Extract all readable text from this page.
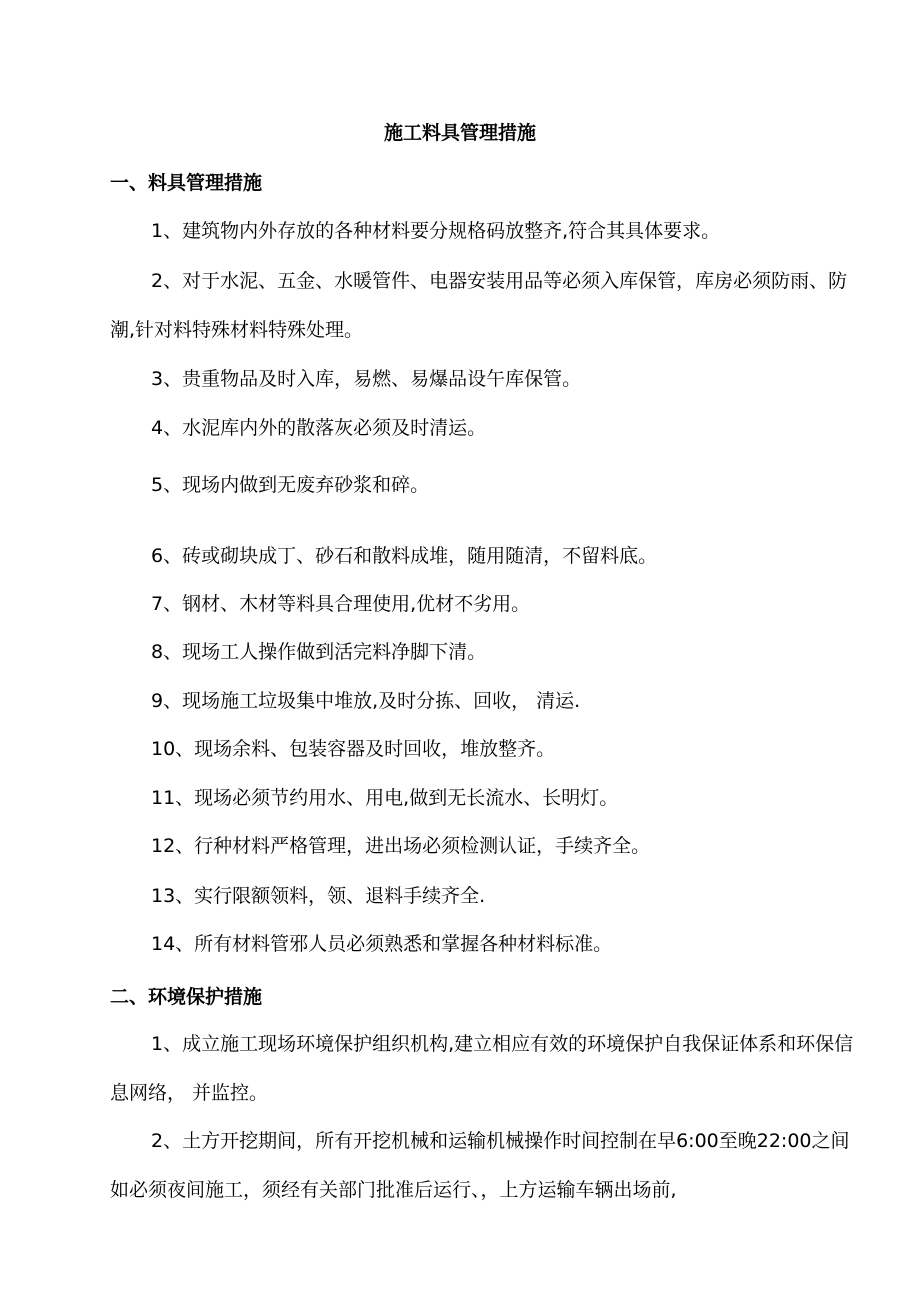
施工料具管理措施
一、料具管理措施
1、建筑物内外存放的各种材料要分规格码放整齐,符合其具体要求。
2、对于水泥、五金、水暖管件、电器安装用品等必须入库保管，库房必须防雨、防潮,针对料特殊材料特殊处理。
3、贵重物品及时入库，易燃、易爆品设午库保管。
4、水泥库内外的散落灰必须及时清运。
5、现场内做到无废弃砂浆和碎。
6、砖或砌块成丁、砂石和散料成堆，随用随清，不留料底。
7、钢材、木材等料具合理使用,优材不劣用。
8、现场工人操作做到活完料净脚下清。
9、现场施工垃圾集中堆放,及时分拣、回收， 清运.
10、现场余料、包装容器及时回收，堆放整齐。
11、现场必须节约用水、用电,做到无长流水、长明灯。
12、行种材料严格管理，进出场必须检测认证，手续齐全。
13、实行限额领料，领、退料手续齐全.
14、所有材料管邪人员必须熟悉和掌握各种材料标准。
二、环境保护措施
1、成立施工现场环境保护组织机构,建立相应有效的环境保护自我保证体系和环保信息网络， 并监控。
2、土方开挖期间，所有开挖机械和运输机械操作时间控制在早6:00至晚22:00之间如必须夜间施工，须经有关部门批准后运行、，上方运输车辆出场前,
